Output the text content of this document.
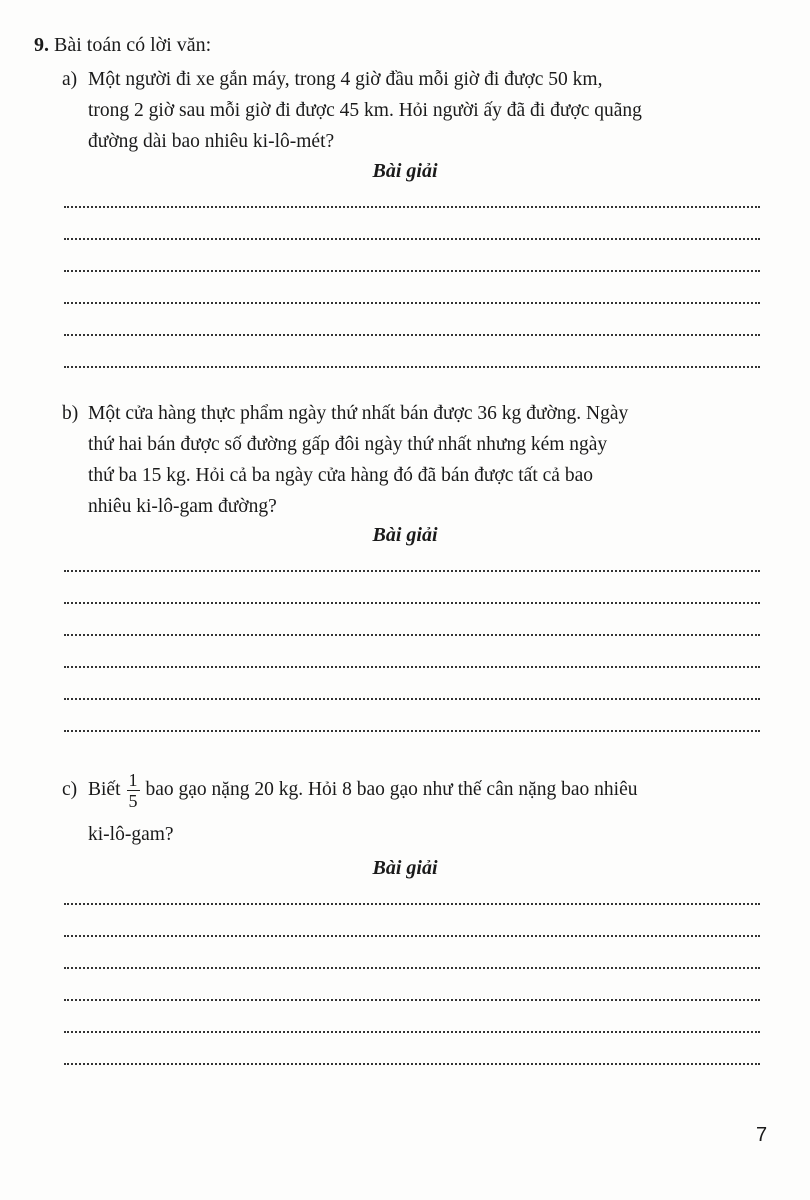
9. Bài toán có lời văn:
a) Một người đi xe gắn máy, trong 4 giờ đầu mỗi giờ đi được 50 km,
trong 2 giờ sau mỗi giờ đi được 45 km. Hỏi người ấy đã đi được quãng
đường dài bao nhiêu ki-lô-mét?
Bài giải
b) Một cửa hàng thực phẩm ngày thứ nhất bán được 36 kg đường. Ngày
thứ hai bán được số đường gấp đôi ngày thứ nhất nhưng kém ngày
thứ ba 15 kg. Hỏi cả ba ngày cửa hàng đó đã bán được tất cả bao
nhiêu ki-lô-gam đường?
Bài giải
c) Biết $\frac{1}{5}$ bao gạo nặng 20 kg. Hỏi 8 bao gạo như thế cân nặng bao nhiêu
ki-lô-gam?
Bài giải
7
